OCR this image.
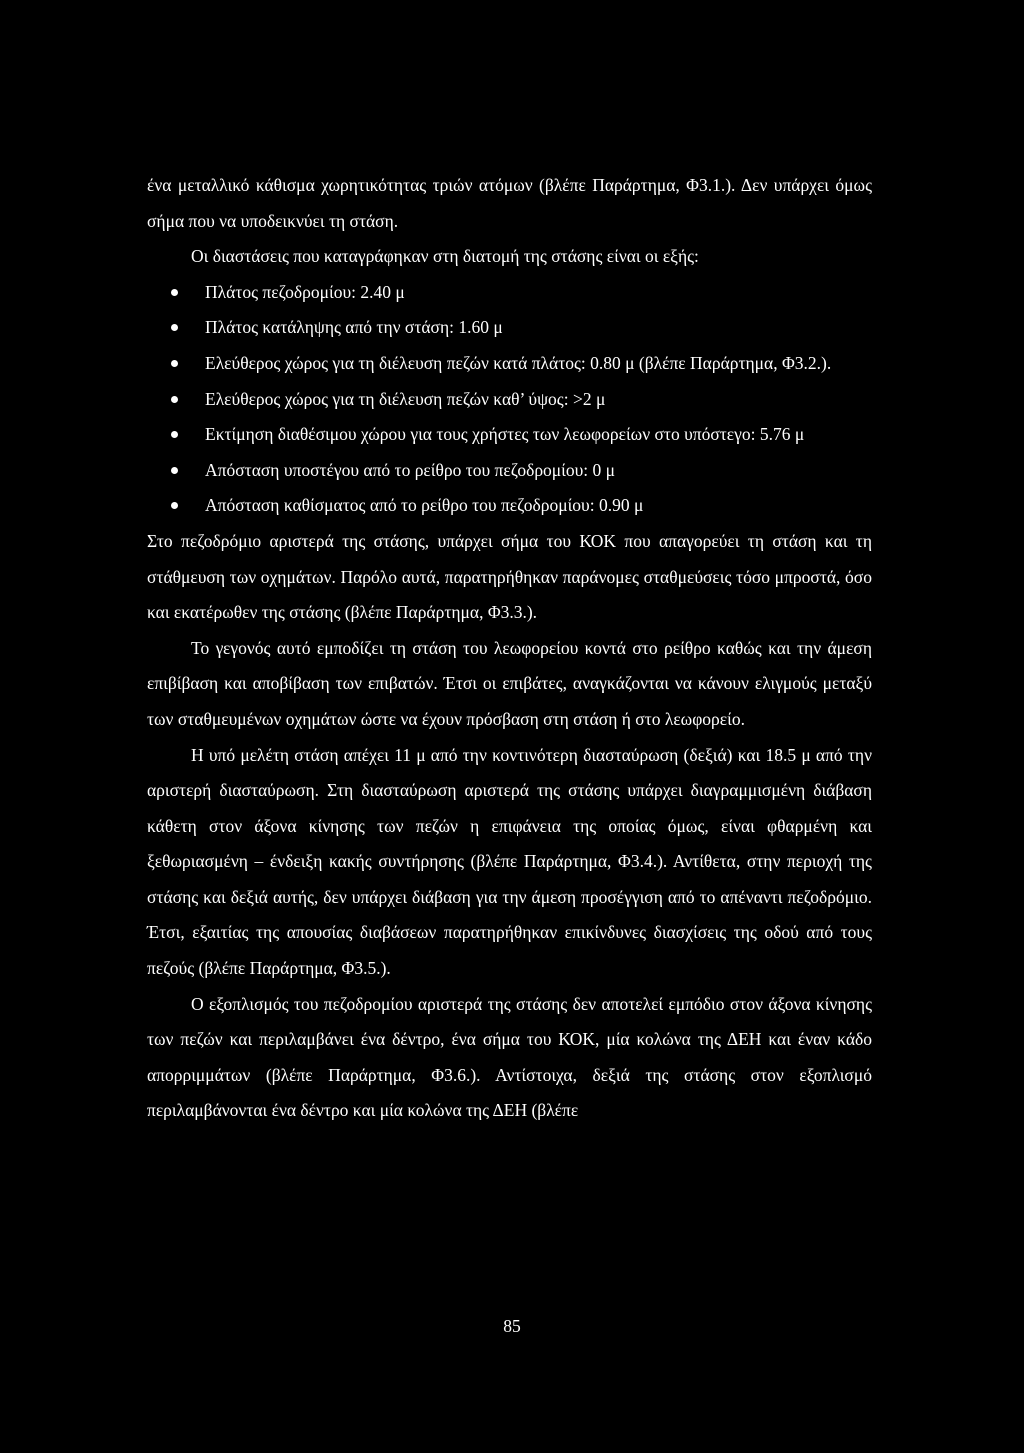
ένα μεταλλικό κάθισμα χωρητικότητας τριών ατόμων (βλέπε Παράρτημα, Φ3.1.). Δεν υπάρχει όμως σήμα που να υποδεικνύει τη στάση.

Οι διαστάσεις που καταγράφηκαν στη διατομή της στάσης είναι οι εξής:

Πλάτος πεζοδρομίου: 2.40 μ
Πλάτος κατάληψης από την στάση: 1.60 μ
Ελεύθερος χώρος για τη διέλευση πεζών κατά πλάτος: 0.80 μ (βλέπε Παράρτημα, Φ3.2.).
Ελεύθερος χώρος για τη διέλευση πεζών καθ’ ύψος: >2 μ
Εκτίμηση διαθέσιμου χώρου για τους χρήστες των λεωφορείων στο υπόστεγο: 5.76 μ
Απόσταση υποστέγου από το ρείθρο του πεζοδρομίου: 0 μ
Απόσταση καθίσματος από το ρείθρο του πεζοδρομίου: 0.90 μ

Στο πεζοδρόμιο αριστερά της στάσης, υπάρχει σήμα του ΚΟΚ που απαγορεύει τη στάση και τη στάθμευση των οχημάτων. Παρόλο αυτά, παρατηρήθηκαν παράνομες σταθμεύσεις τόσο μπροστά, όσο και εκατέρωθεν της στάσης (βλέπε Παράρτημα, Φ3.3.).

Το γεγονός αυτό εμποδίζει τη στάση του λεωφορείου κοντά στο ρείθρο καθώς και την άμεση επιβίβαση και αποβίβαση των επιβατών. Έτσι οι επιβάτες, αναγκάζονται να κάνουν ελιγμούς μεταξύ των σταθμευμένων οχημάτων ώστε να έχουν πρόσβαση στη στάση ή στο λεωφορείο.

Η υπό μελέτη στάση απέχει 11 μ από την κοντινότερη διασταύρωση (δεξιά) και 18.5 μ από την αριστερή διασταύρωση. Στη διασταύρωση αριστερά της στάσης υπάρχει διαγραμμισμένη διάβαση κάθετη στον άξονα κίνησης των πεζών η επιφάνεια της οποίας όμως, είναι φθαρμένη και ξεθωριασμένη – ένδειξη κακής συντήρησης (βλέπε Παράρτημα, Φ3.4.). Αντίθετα, στην περιοχή της στάσης και δεξιά αυτής, δεν υπάρχει διάβαση για την άμεση προσέγγιση από το απέναντι πεζοδρόμιο. Έτσι, εξαιτίας της απουσίας διαβάσεων παρατηρήθηκαν επικίνδυνες διασχίσεις της οδού από τους πεζούς (βλέπε Παράρτημα, Φ3.5.).

Ο εξοπλισμός του πεζοδρομίου αριστερά της στάσης δεν αποτελεί εμπόδιο στον άξονα κίνησης των πεζών και περιλαμβάνει ένα δέντρο, ένα σήμα του ΚΟΚ, μία κολώνα της ΔΕΗ και έναν κάδο απορριμμάτων (βλέπε Παράρτημα, Φ3.6.). Αντίστοιχα, δεξιά της στάσης στον εξοπλισμό περιλαμβάνονται ένα δέντρο και μία κολώνα της ΔΕΗ (βλέπε

85
